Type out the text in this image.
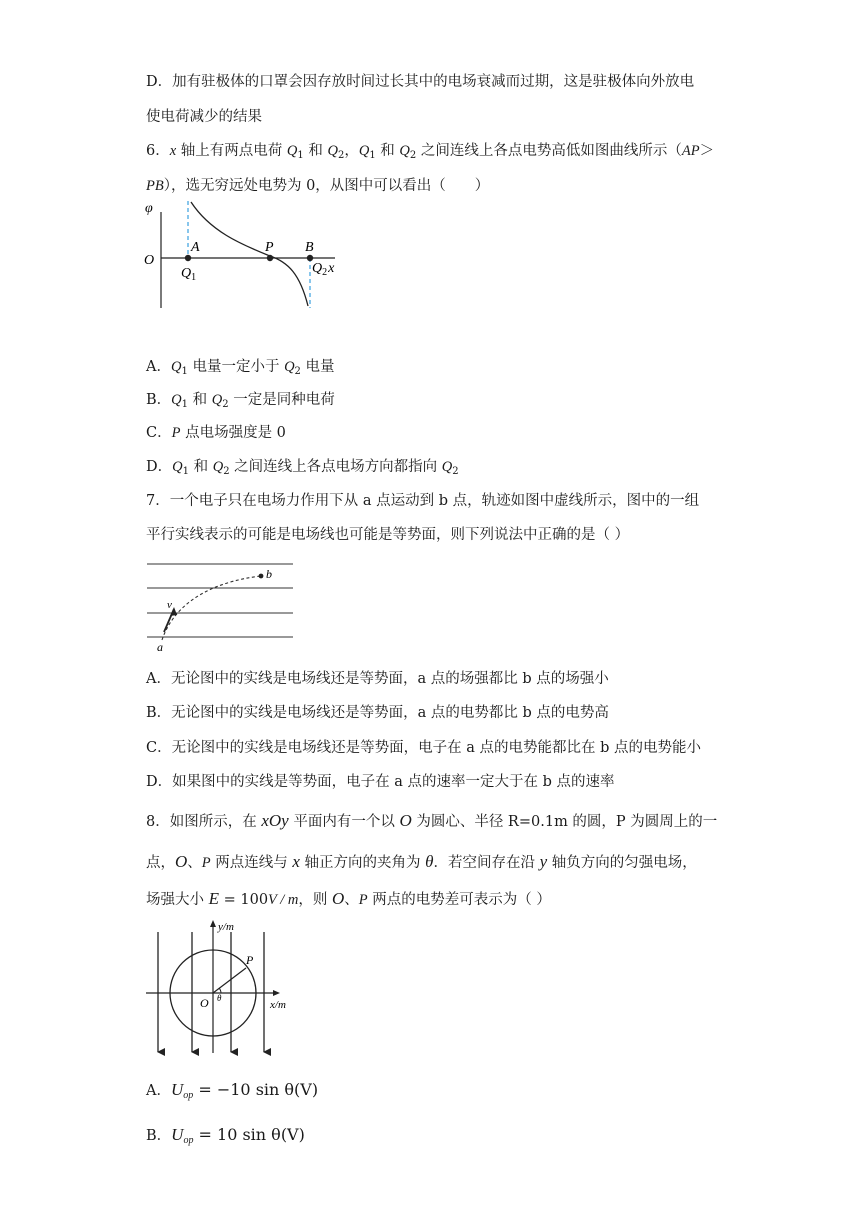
D．加有驻极体的口罩会因存放时间过长其中的电场衰减而过期，这是驻极体向外放电
使电荷减少的结果
6．x 轴上有两点电荷 $Q_1$ 和 $Q_2$，$Q_1$ 和 $Q_2$ 之间连线上各点电势高低如图曲线所示（AP＞
PB），选无穷远处电势为 0，从图中可以看出（　　）
φ
O
A	P B
$Q_1$
$Q_2x$
A．$Q_1$ 电量一定小于 $Q_2$ 电量
B．$Q_1$ 和 $Q_2$ 一定是同种电荷
C．P 点电场强度是 0
D．$Q_1$ 和 $Q_2$ 之间连线上各点电场方向都指向 $Q_2$
7．一个电子只在电场力作用下从 a 点运动到 b 点，轨迹如图中虚线所示，图中的一组
平行实线表示的可能是电场线也可能是等势面，则下列说法中正确的是（ ）
b
v
a
A．无论图中的实线是电场线还是等势面，a 点的场强都比 b 点的场强小
B．无论图中的实线是电场线还是等势面，a 点的电势都比 b 点的电势高
C．无论图中的实线是电场线还是等势面，电子在 a 点的电势能都比在 b 点的电势能小
D．如果图中的实线是等势面，电子在 a 点的速率一定大于在 b 点的速率
8．如图所示，在 xOy 平面内有一个以 O 为圆心、半径 R=0.1m 的圆，P 为圆周上的一
点，O、P 两点连线与 x 轴正方向的夹角为 θ．若空间存在沿 y 轴负方向的匀强电场，
场强大小 E = 100V / m，则 O、P 两点的电势差可表示为（ ）
y/m
x/m
O
P
θ
A．$U_{op} = -10$ sin θ(V)
B．$U_{op} = 10$ sin θ(V)
